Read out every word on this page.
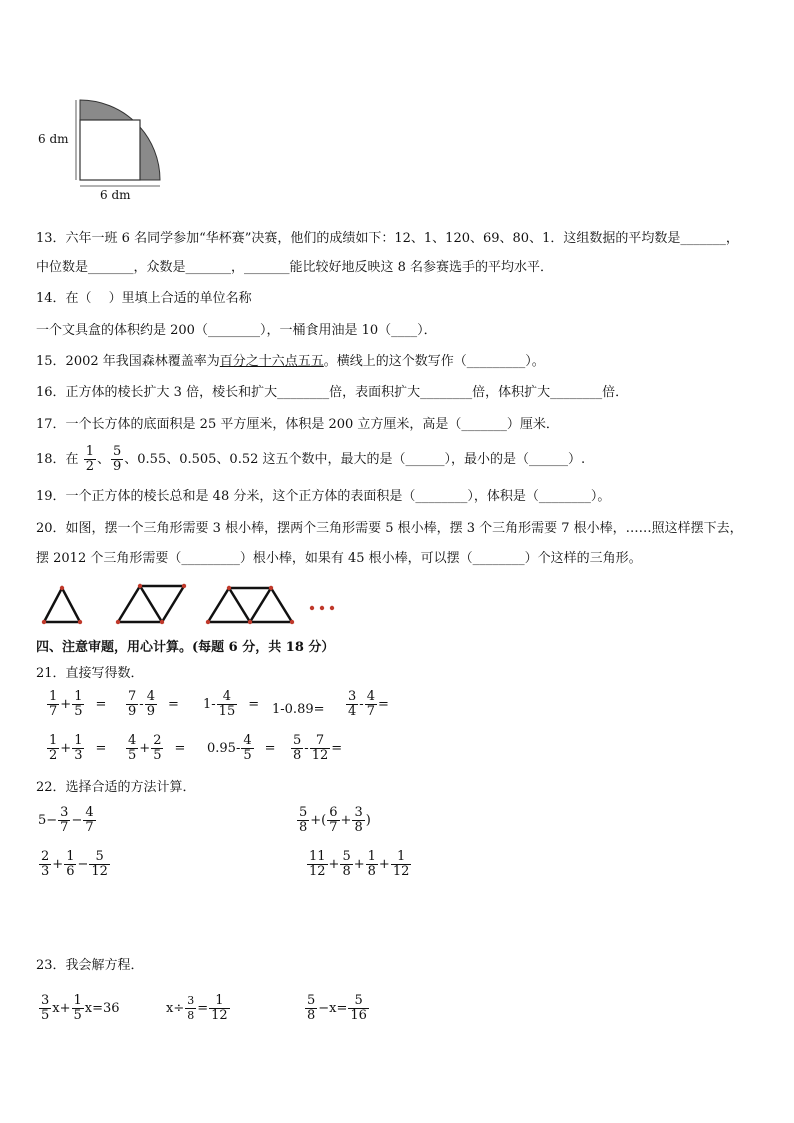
6 dm
6 dm
13．六年一班 6 名同学参加“华杯赛”决赛，他们的成绩如下：12、1、120、69、80、1．这组数据的平均数是_______，
中位数是_______，众数是_______，_______能比较好地反映这 8 名参赛选手的平均水平．
14．在（　 ）里填上合适的单位名称
一个文具盒的体积约是 200（________），一桶食用油是 10（____）．
15．2002 年我国森林覆盖率为百分之十六点五五。横线上的这个数写作（_________）。
16．正方体的棱长扩大 3 倍，棱长和扩大________倍，表面积扩大________倍，体积扩大________倍．
17．一个长方体的底面积是 25 平方厘米，体积是 200 立方厘米，高是（_______）厘米．
18．在 $\frac{1}{2}$ 、 $\frac{5}{9}$ 、0.55、0.505、0.52 这五个数中，最大的是（______），最小的是（______）.
19．一个正方体的棱长总和是 48 分米，这个正方体的表面积是（________），体积是（________）。
20．如图，摆一个三角形需要 3 根小棒，摆两个三角形需要 5 根小棒，摆 3 个三角形需要 7 根小棒，……照这样摆下去，
摆 2012 个三角形需要（_________）根小棒，如果有 45 根小棒，可以摆（________）个这样的三角形。
四、注意审题，用心计算。(每题 6 分，共 18 分）
21．直接写得数．
$\frac{1}{7} + \frac{1}{5} = \frac{7}{9} - \frac{4}{9} = 1- \frac{4}{15} = 1-0.89= \frac{3}{4} - \frac{4}{7}$ =
$\frac{1}{2} + \frac{1}{3} = \frac{4}{5} + \frac{2}{5} = 0.95- \frac{4}{5} = \frac{5}{8} - \frac{7}{12}$ =
22．选择合适的方法计算．
$5- \frac{3}{7} - \frac{4}{7}$	$\frac{5}{8}$ +( $\frac{6}{7} + \frac{3}{8}$ )
$\frac{2}{3} + \frac{1}{6} - \frac{5}{12}$	$\frac{11}{12} + \frac{5}{8} + \frac{1}{8} + \frac{1}{12}$
23．我会解方程．
$\frac{3}{5} x+ \frac{1}{5} x=36$	$x\div \frac{3}{8} = \frac{1}{12}$	$\frac{5}{8} -x= \frac{5}{16}$
